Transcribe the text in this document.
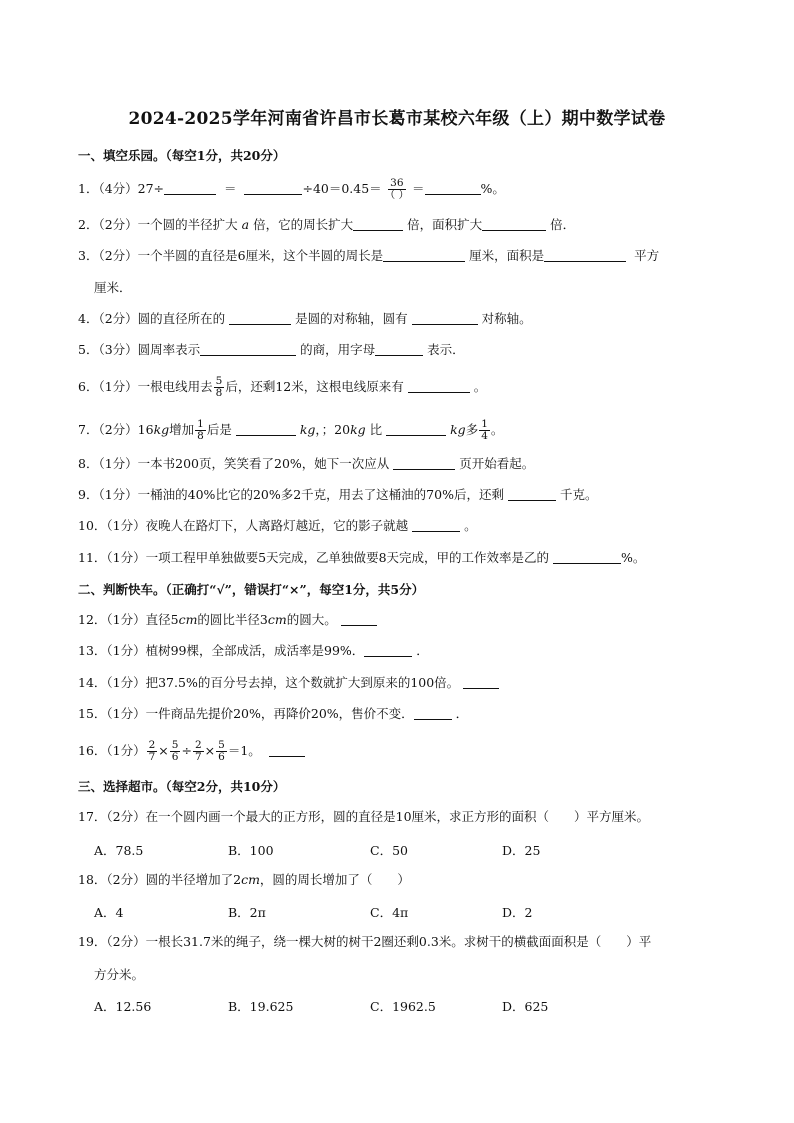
2024-2025学年河南省许昌市长葛市某校六年级（上）期中数学试卷
一、填空乐园。（每空1分，共20分）
1．（4分）27÷	＝	$\div 40=0.45= \frac{36}{( )}$ ＝	%。
2．（2分）一个圆的半径扩大 a 倍，它的周长扩大	倍，面积扩大	倍．
3．（2分）一个半圆的直径是6厘米，这个半圆的周长是	厘米，面积是	平方
厘米．
4．（2分）圆的直径所在的	是圆的对称轴，圆有	对称轴。
5．（3分）圆周率表示	的商，用字母	表示．
6．（1分）一根电线用去 $\frac{5}{8}$ 后，还剩12米，这根电线原来有	。
7．（2分）16kg增加 $\frac{1}{8}$ 后是	kg，；20kg 比	kg多 $\frac{1}{4}$ 。
8．（1分）一本书200页，笑笑看了20%，她下一次应从	页开始看起。
9．（1分）一桶油的40%比它的20%多2千克，用去了这桶油的70%后，还剩	千克。
10．（1分）夜晚人在路灯下，人离路灯越近，它的影子就越	。
11．（1分）一项工程甲单独做要5天完成，乙单独做要8天完成，甲的工作效率是乙的	%。
二、判断快车。（正确打“√”，错误打“×”，每空1分，共5分）
12．（1分）直径5cm的圆比半径3cm的圆大。
13．（1分）植树99棵，全部成活，成活率是99%．	．
14．（1分）把37.5%的百分号去掉，这个数就扩大到原来的100倍。
15．（1分）一件商品先提价20%，再降价20%，售价不变．	．
16．（1分） $\frac{2}{7} \times \frac{5}{6} \div \frac{2}{7} \times \frac{5}{6} =1$。
三、选择超市。（每空2分，共10分）
17．（2分）在一个圆内画一个最大的正方形，圆的直径是10厘米，求正方形的面积（　　）平方厘米。
A．78.5	B．100	C．50	D．25
18．（2分）圆的半径增加了2cm，圆的周长增加了（　　）
A．4	B．2π	C．4π	D．2
19．（2分）一根长31.7米的绳子，绕一棵大树的树干2圈还剩0.3米。求树干的横截面面积是（　　）平
方分米。
A．12.56	B．19.625	C．1962.5	D．625
